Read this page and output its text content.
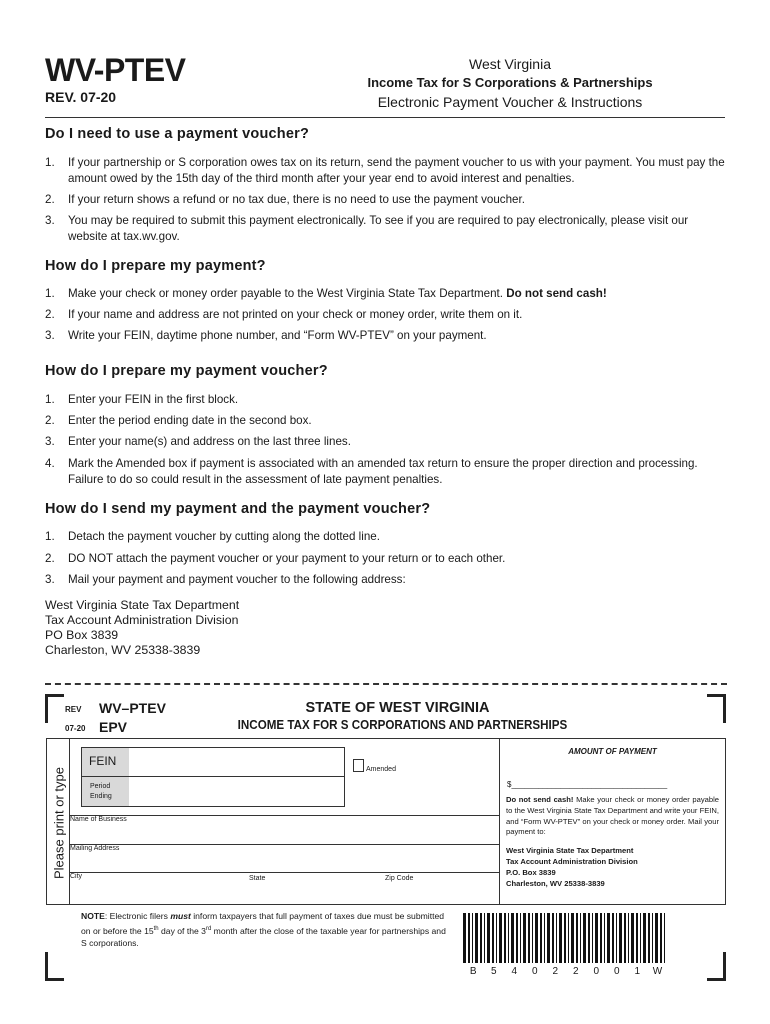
WV-PTEV
REV. 07-20
West Virginia
Income Tax for S Corporations & Partnerships
Electronic Payment Voucher & Instructions
Do I need to use a payment voucher?
1. If your partnership or S corporation owes tax on its return, send the payment voucher to us with your payment. You must pay the amount owed by the 15th day of the third month after your year end to avoid interest and penalties.
2. If your return shows a refund or no tax due, there is no need to use the payment voucher.
3. You may be required to submit this payment electronically. To see if you are required to pay electronically, please visit our website at tax.wv.gov.
How do I prepare my payment?
1. Make your check or money order payable to the West Virginia State Tax Department. Do not send cash!
2. If your name and address are not printed on your check or money order, write them on it.
3. Write your FEIN, daytime phone number, and “Form WV-PTEV” on your payment.
How do I prepare my payment voucher?
1. Enter your FEIN in the first block.
2. Enter the period ending date in the second box.
3. Enter your name(s) and address on the last three lines.
4. Mark the Amended box if payment is associated with an amended tax return to ensure the proper direction and processing. Failure to do so could result in the assessment of late payment penalties.
How do I send my payment and the payment voucher?
1. Detach the payment voucher by cutting along the dotted line.
2. DO NOT attach the payment voucher or your payment to your return or to each other.
3. Mail your payment and payment voucher to the following address:
West Virginia State Tax Department
Tax Account Administration Division
PO Box 3839
Charleston, WV 25338-3839
REV
07-20
WV–PTEV
EPV
STATE OF WEST VIRGINIA
INCOME TAX FOR S CORPORATIONS AND PARTNERSHIPS
Please print or type
FEIN
Period
Ending
Amended
Name of Business
Mailing Address
City	State	Zip Code
AMOUNT OF PAYMENT
$___________________________________
Do not send cash! Make your check or money order payable to the West Virginia State Tax Department and write your FEIN, and “Form WV-PTEV” on your check or money order. Mail your payment to:
West Virginia State Tax Department
Tax Account Administration Division
P.O. Box 3839
Charleston, WV 25338-3839
NOTE: Electronic filers must inform taxpayers that full payment of taxes due must be submitted on or before the 15th day of the 3rd month after the close of the taxable year for partnerships and S corporations.
B 5 4 0 2 2 0 0 1 W
